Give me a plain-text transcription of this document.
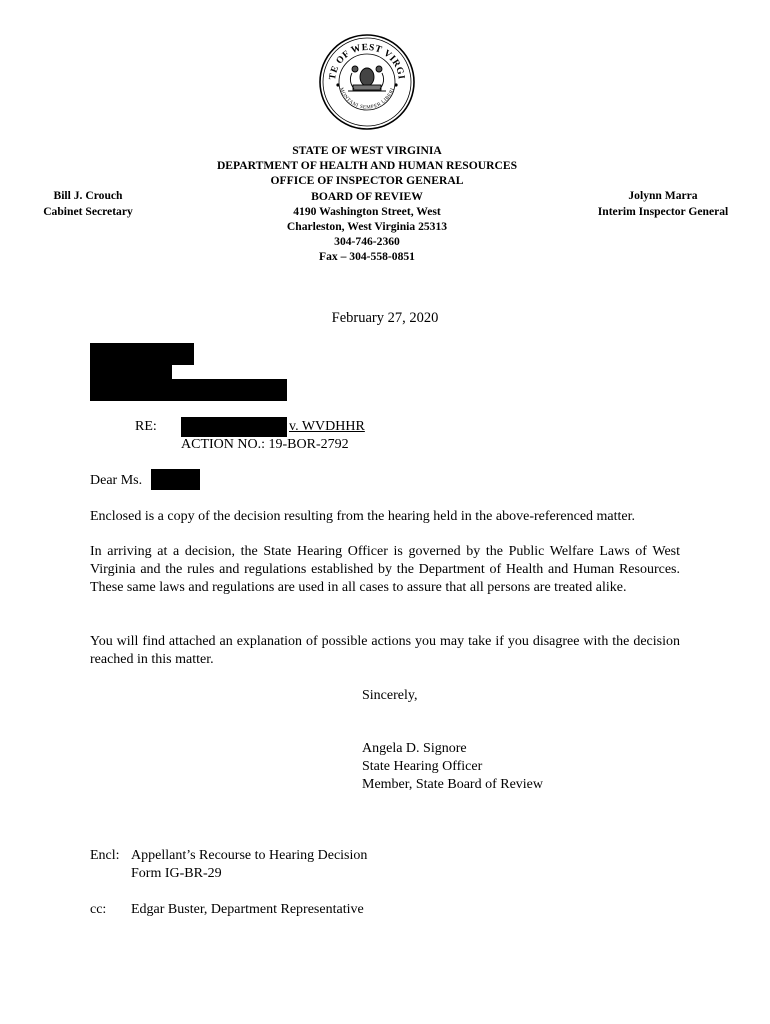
TE OF WEST VIRGI
MONTANI SEMPER LIBERI
STATE OF WEST VIRGINIA
DEPARTMENT OF HEALTH AND HUMAN RESOURCES
OFFICE OF INSPECTOR GENERAL
BOARD OF REVIEW
4190 Washington Street, West
Charleston, West Virginia 25313
304-746-2360
Fax – 304-558-0851
Bill J. Crouch
Cabinet Secretary
Jolynn Marra
Interim Inspector General
February 27, 2020
RE:	v. WVDHHR
ACTION NO.: 19-BOR-2792
Dear Ms.
Enclosed is a copy of the decision resulting from the hearing held in the above-referenced matter.
In arriving at a decision, the State Hearing Officer is governed by the Public Welfare Laws of West Virginia and the rules and regulations established by the Department of Health and Human Resources. These same laws and regulations are used in all cases to assure that all persons are treated alike.
You will find attached an explanation of possible actions you may take if you disagree with the decision reached in this matter.
Sincerely,
Angela D. Signore
State Hearing Officer
Member, State Board of Review
Encl: Appellant’s Recourse to Hearing Decision
Form IG-BR-29
cc: Edgar Buster, Department Representative
